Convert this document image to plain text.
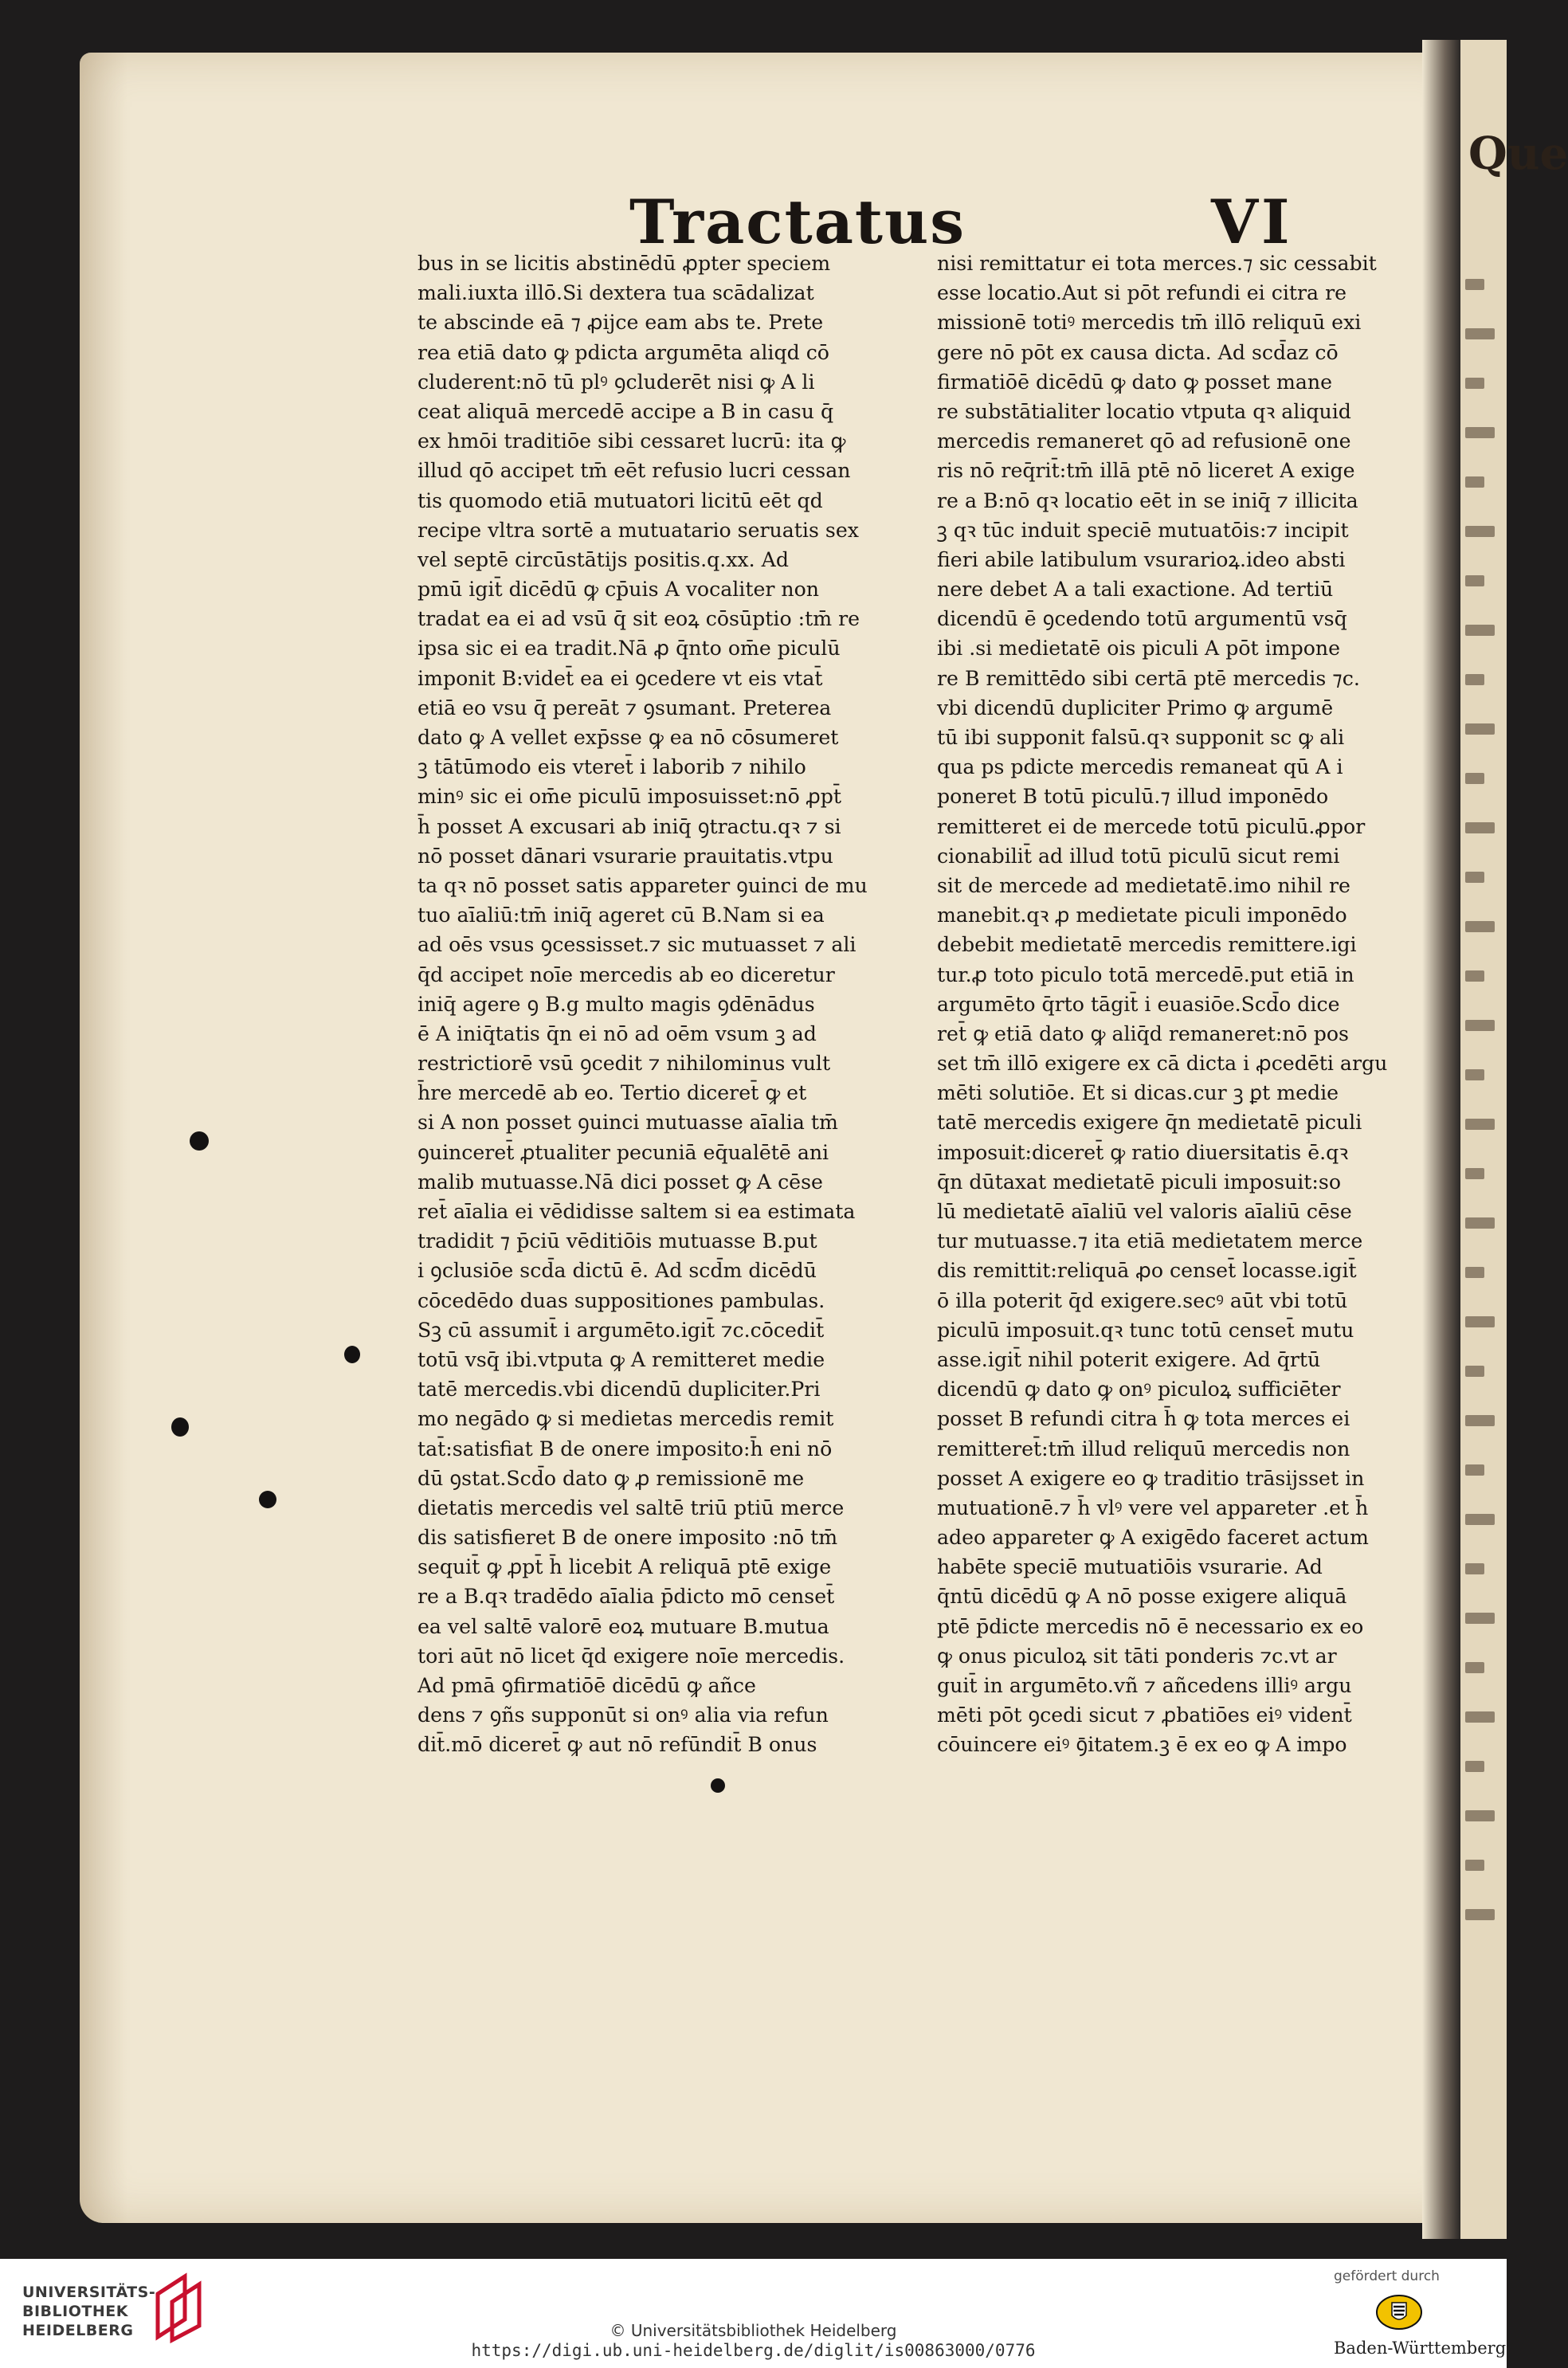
Tractatus	VI
bus in se licitis abstinēdū ꝓpter speciem
mali.iuxta illō.Si dextera tua scādalizat
te abscinde eā ⁊ ꝓijce eam abs te. Prete
rea etiā dato ꝙ pdicta argumēta aliqd cō
cluderent:nō tū plꝰ ꝯcluderēt nisi ꝙ A li
ceat aliquā mercedē accipe a B in casu q̄
ex hmōi traditiōe sibi cessaret lucrū: ita ꝙ
illud qō accipet tm̄ eēt refusio lucri cessan
tis quomodo etiā mutuatori licitū eēt qd
recipe vltra sortē a mutuatario seruatis sex
vel septē circūstātijs positis.q.xx. Ad
pmū igit̄ dicēdū ꝙ cp̄uis A vocaliter non
tradat ea ei ad vsū q̄ sit eoꝝ cōsūptio :tm̄ re
ipsa sic ei ea tradit.Nā ꝓ q̄nto om̄e piculū
imponit B:videt̄ ea ei ꝯcedere vt eis vtat̄
etiā eo vsu q̄ pereāt ⁊ ꝯsumant. Preterea
dato ꝙ A vellet exp̄sse ꝙ ea nō cōsumeret
ꝫ tātūmodo eis vteret̄ i laborib ⁊ nihilo
minꝰ sic ei om̄e piculū imposuisset:nō ꝓpt̄
h̄ posset A excusari ab iniq̄ ꝯtractu.qꝛ ⁊ si
nō posset dānari vsurarie prauitatis.vtpu
ta qꝛ nō posset satis appareter ꝯuinci de mu
tuo aīaliū:tm̄ iniq̄ ageret cū B.Nam si ea
ad oēs vsus ꝯcessisset.⁊ sic mutuasset ⁊ ali
q̄d accipet noīe mercedis ab eo diceretur
iniq̄ agere ꝯ B.g multo magis ꝯdēnādus
ē A iniq̄tatis q̄n ei nō ad oēm vsum ꝫ ad
restrictiorē vsū ꝯcedit ⁊ nihilominus vult
h̄re mercedē ab eo. Tertio diceret̄ ꝙ et
si A non posset ꝯuinci mutuasse aīalia tm̄
ꝯuinceret̄ ꝓtualiter pecuniā eq̄ualētē ani
malib mutuasse.Nā dici posset ꝙ A cēse
ret̄ aīalia ei vēdidisse saltem si ea estimata
tradidit ⁊ p̄ciū vēditiōis mutuasse B.put
i ꝯclusiōe scd̄a dictū ē. Ad scd̄m dicēdū
cōcedēdo duas suppositiones pambulas.
Sꝫ cū assumit̄ i argumēto.igit̄ ⁊c.cōcedit̄
totū vsq̄ ibi.vtputa ꝙ A remitteret medie
tatē mercedis.vbi dicendū dupliciter.Pri
mo negādo ꝙ si medietas mercedis remit
tat̄:satisfiat B de onere imposito:h̄ eni nō
dū ꝯstat.Scd̄o dato ꝙ ꝓ remissionē me
dietatis mercedis vel saltē triū ptiū merce
dis satisfieret B de onere imposito :nō tm̄
sequit̄ ꝙ ꝓpt̄ h̄ licebit A reliquā ptē exige
re a B.qꝛ tradēdo aīalia p̄dicto mō censet̄
ea vel saltē valorē eoꝝ mutuare B.mutua
tori aūt nō licet q̄d exigere noīe mercedis.
Ad pmā ꝯfirmatiōē dicēdū ꝙ añce
dens ⁊ ꝯñs supponūt si onꝰ alia via refun
dit̄.mō diceret̄ ꝙ aut nō refūndit̄ B onus
nisi remittatur ei tota merces.⁊ sic cessabit
esse locatio.Aut si pōt refundi ei citra re
missionē totiꝰ mercedis tm̄ illō reliquū exi
gere nō pōt ex causa dicta. Ad scd̄az cō
firmatiōē dicēdū ꝙ dato ꝙ posset mane
re substātialiter locatio vtputa qꝛ aliquid
mercedis remaneret qō ad refusionē one
ris nō req̄rit̄:tm̄ illā ptē nō liceret A exige
re a B:nō qꝛ locatio eēt in se iniq̄ ⁊ illicita
ꝫ qꝛ tūc induit speciē mutuatōis:⁊ incipit
fieri abile latibulum vsurarioꝝ.ideo absti
nere debet A a tali exactione. Ad tertiū
dicendū ē ꝯcedendo totū argumentū vsq̄
ibi .si medietatē ois piculi A pōt impone
re B remittēdo sibi certā ptē mercedis ⁊c.
vbi dicendū dupliciter Primo ꝙ argumē
tū ibi supponit falsū.qꝛ supponit sc ꝙ ali
qua ps pdicte mercedis remaneat qū A i
poneret B totū piculū.⁊ illud imponēdo
remitteret ei de mercede totū piculū.ꝓpor
cionabilit̄ ad illud totū piculū sicut remi
sit de mercede ad medietatē.imo nihil re
manebit.qꝛ ꝓ medietate piculi imponēdo
debebit medietatē mercedis remittere.igi
tur.ꝓ toto piculo totā mercedē.put etiā in
argumēto q̄rto tāgit̄ i euasiōe.Scd̄o dice
ret̄ ꝙ etiā dato ꝙ aliq̄d remaneret:nō pos
set tm̄ illō exigere ex cā dicta i ꝓcedēti argu
mēti solutiōe. Et si dicas.cur ꝫ ꝑt medie
tatē mercedis exigere q̄n medietatē piculi
imposuit:diceret̄ ꝙ ratio diuersitatis ē.qꝛ
q̄n dūtaxat medietatē piculi imposuit:so
lū medietatē aīaliū vel valoris aīaliū cēse
tur mutuasse.⁊ ita etiā medietatem merce
dis remittit:reliquā ꝓo censet̄ locasse.igit̄
ō illa poterit q̄d exigere.secꝰ aūt vbi totū
piculū imposuit.qꝛ tunc totū censet̄ mutu
asse.igit̄ nihil poterit exigere. Ad q̄rtū
dicendū ꝙ dato ꝙ onꝰ piculoꝝ sufficiēter
posset B refundi citra h̄ ꝙ tota merces ei
remitteret̄:tm̄ illud reliquū mercedis non
posset A exigere eo ꝙ traditio trāsijsset in
mutuationē.⁊ h̄ vlꝰ vere vel appareter .et h̄
adeo appareter ꝙ A exigēdo faceret actum
habēte speciē mutuatiōis vsurarie. Ad
q̄ntū dicēdū ꝙ A nō posse exigere aliquā
ptē p̄dicte mercedis nō ē necessario ex eo
ꝙ onus piculoꝝ sit tāti ponderis ⁊c.vt ar
guit̄ in argumēto.vñ ⁊ añcedens illiꝰ argu
mēti pōt ꝯcedi sicut ⁊ ꝓbatiōes eiꝰ vident̄
cōuincere eiꝰ ꝯ̄itatem.ꝫ ē ex eo ꝙ A impo
Que
UNIVERSITÄTS-
BIBLIOTHEK
HEIDELBERG	© Universitätsbibliothek Heidelberg
https://digi.ub.uni-heidelberg.de/diglit/is00863000/0776
gefördert durch
Baden-Württemberg
